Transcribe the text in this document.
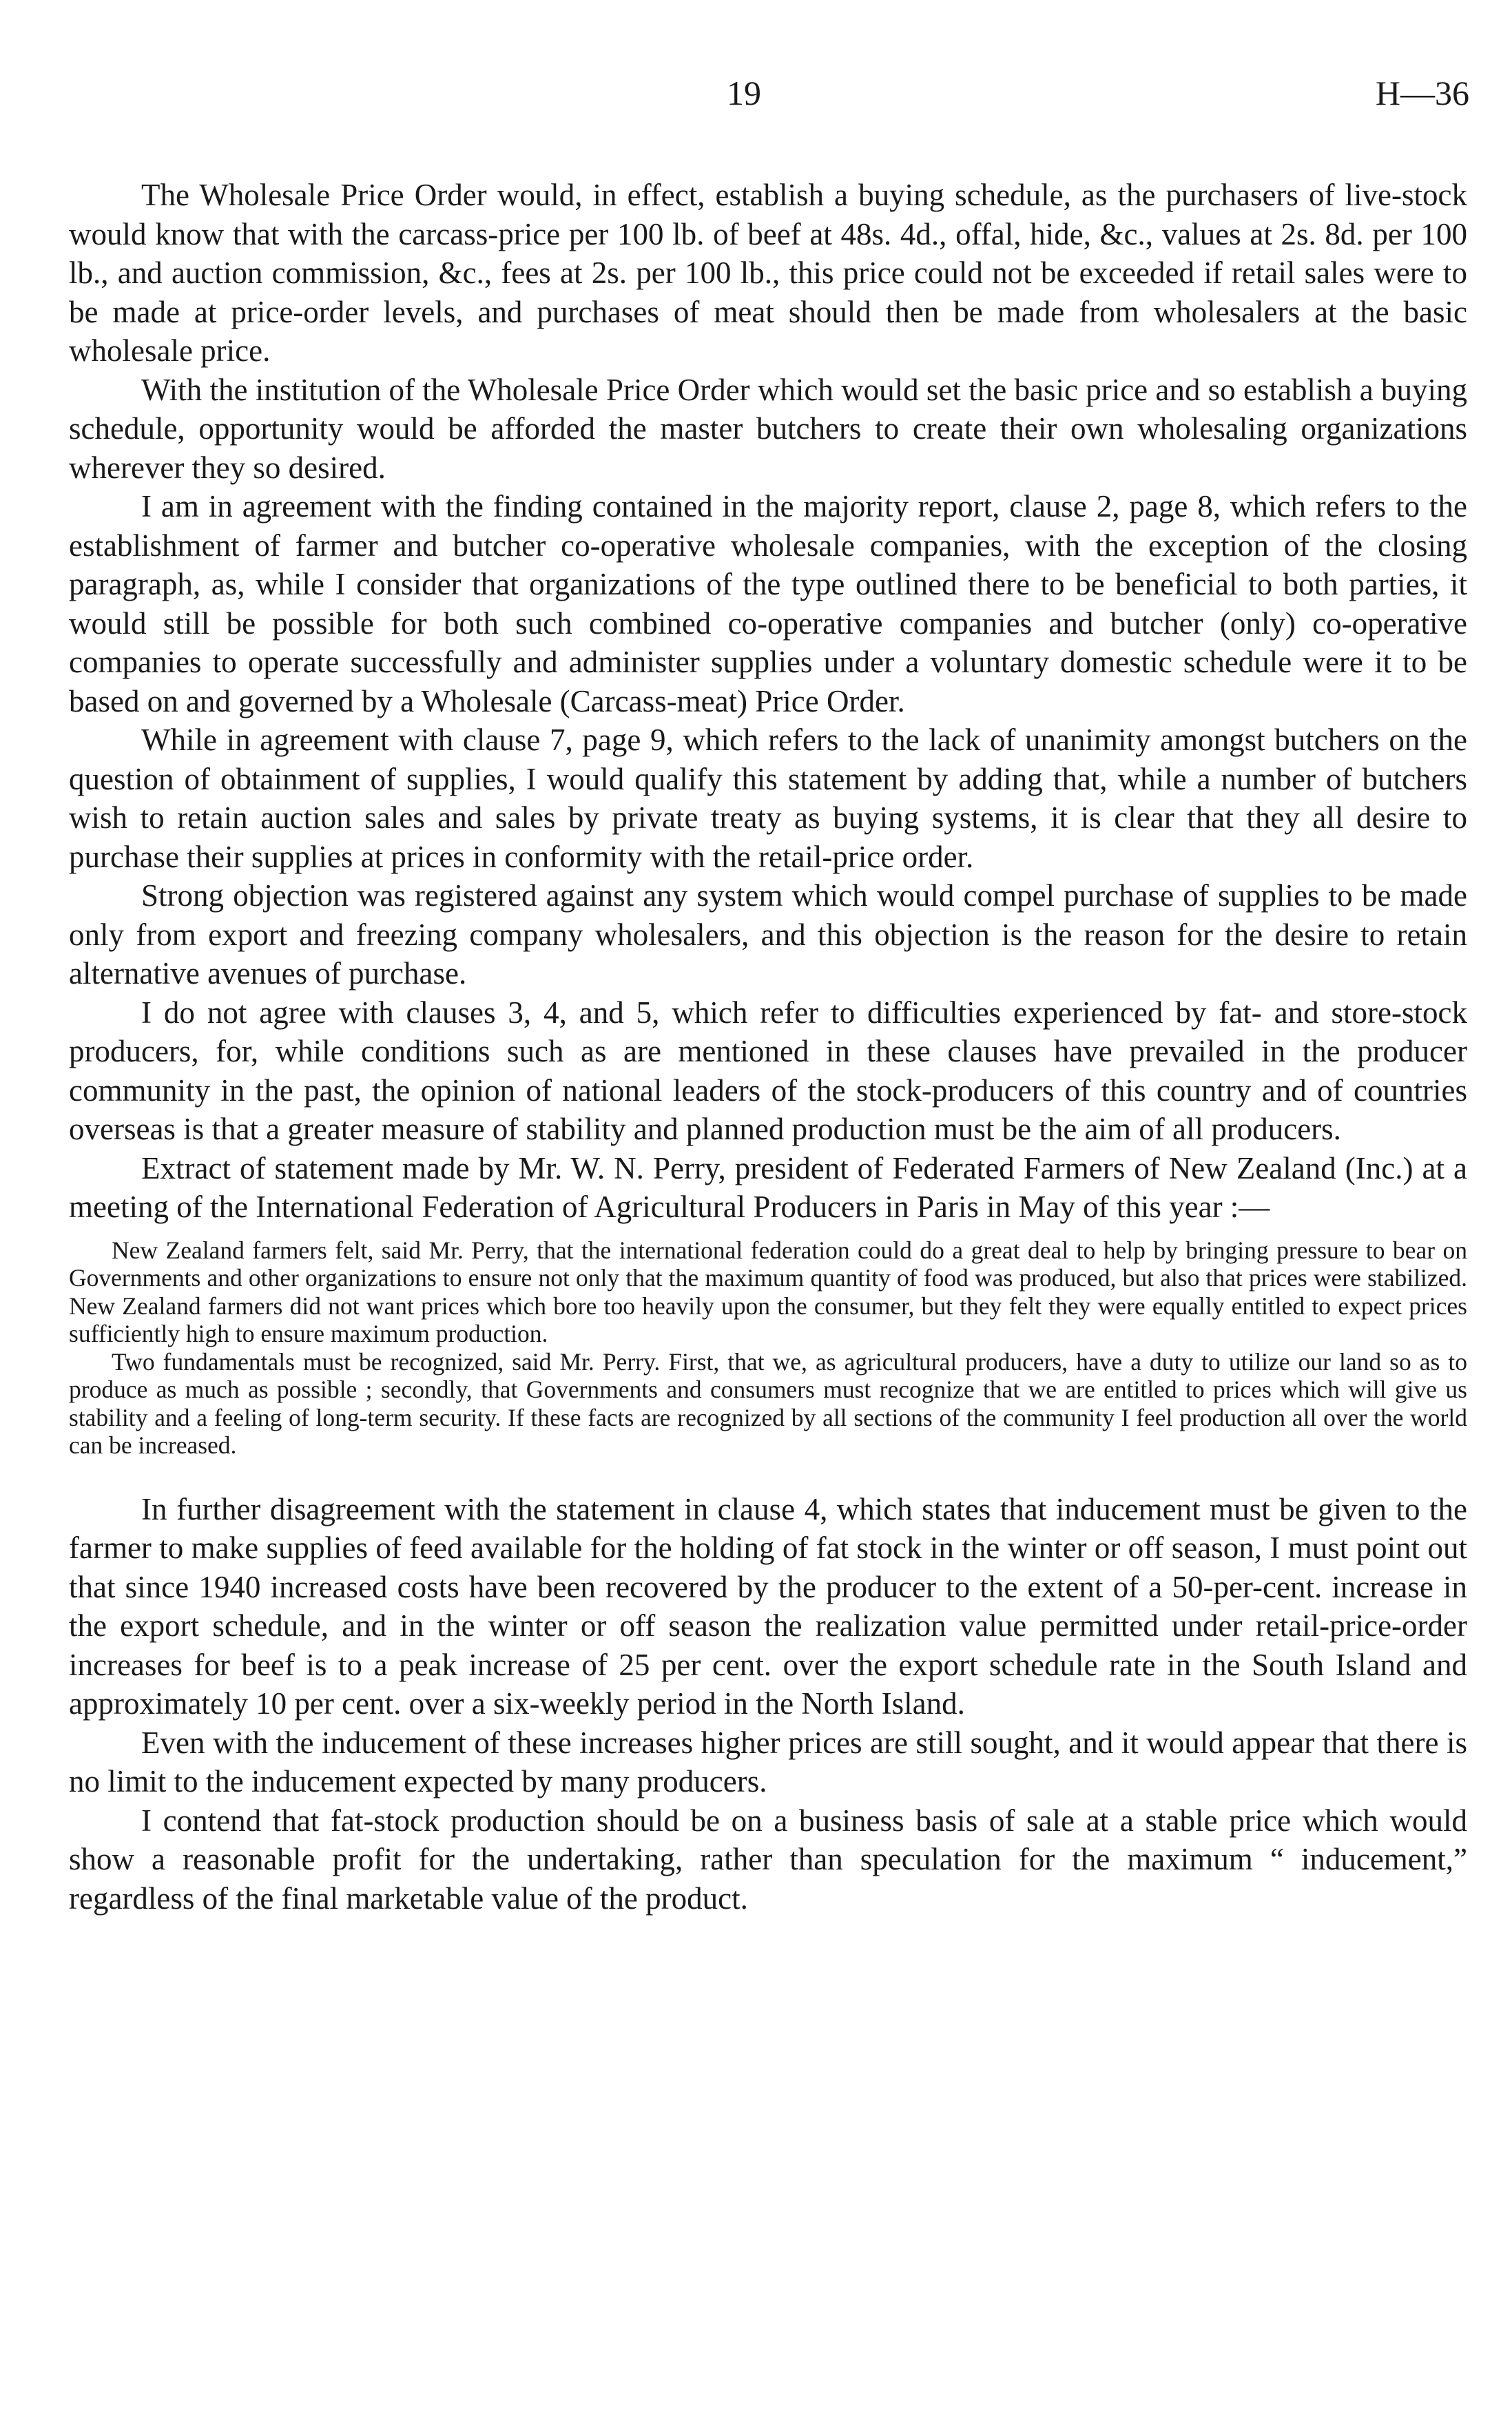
19	H—36

The Wholesale Price Order would, in effect, establish a buying schedule, as the purchasers of live-stock would know that with the carcass-price per 100 lb. of beef at 48s. 4d., offal, hide, &c., values at 2s. 8d. per 100 lb., and auction commission, &c., fees at 2s. per 100 lb., this price could not be exceeded if retail sales were to be made at price-order levels, and purchases of meat should then be made from wholesalers at the basic wholesale price.

With the institution of the Wholesale Price Order which would set the basic price and so establish a buying schedule, opportunity would be afforded the master butchers to create their own wholesaling organizations wherever they so desired.

I am in agreement with the finding contained in the majority report, clause 2, page 8, which refers to the establishment of farmer and butcher co-operative wholesale companies, with the exception of the closing paragraph, as, while I consider that organizations of the type outlined there to be beneficial to both parties, it would still be possible for both such combined co-operative companies and butcher (only) co-operative companies to operate successfully and administer supplies under a voluntary domestic schedule were it to be based on and governed by a Wholesale (Carcass-meat) Price Order.

While in agreement with clause 7, page 9, which refers to the lack of unanimity amongst butchers on the question of obtainment of supplies, I would qualify this statement by adding that, while a number of butchers wish to retain auction sales and sales by private treaty as buying systems, it is clear that they all desire to purchase their supplies at prices in conformity with the retail-price order.

Strong objection was registered against any system which would compel purchase of supplies to be made only from export and freezing company wholesalers, and this objection is the reason for the desire to retain alternative avenues of purchase.

I do not agree with clauses 3, 4, and 5, which refer to difficulties experienced by fat- and store-stock producers, for, while conditions such as are mentioned in these clauses have prevailed in the producer community in the past, the opinion of national leaders of the stock-producers of this country and of countries overseas is that a greater measure of stability and planned production must be the aim of all producers.

Extract of statement made by Mr. W. N. Perry, president of Federated Farmers of New Zealand (Inc.) at a meeting of the International Federation of Agricultural Producers in Paris in May of this year :—

New Zealand farmers felt, said Mr. Perry, that the international federation could do a great deal to help by bringing pressure to bear on Governments and other organizations to ensure not only that the maximum quantity of food was produced, but also that prices were stabilized. New Zealand farmers did not want prices which bore too heavily upon the consumer, but they felt they were equally entitled to expect prices sufficiently high to ensure maximum production.

Two fundamentals must be recognized, said Mr. Perry. First, that we, as agricultural producers, have a duty to utilize our land so as to produce as much as possible ; secondly, that Governments and consumers must recognize that we are entitled to prices which will give us stability and a feeling of long-term security. If these facts are recognized by all sections of the community I feel production all over the world can be increased.

In further disagreement with the statement in clause 4, which states that inducement must be given to the farmer to make supplies of feed available for the holding of fat stock in the winter or off season, I must point out that since 1940 increased costs have been recovered by the producer to the extent of a 50-per-cent. increase in the export schedule, and in the winter or off season the realization value permitted under retail-price-order increases for beef is to a peak increase of 25 per cent. over the export schedule rate in the South Island and approximately 10 per cent. over a six-weekly period in the North Island.

Even with the inducement of these increases higher prices are still sought, and it would appear that there is no limit to the inducement expected by many producers.

I contend that fat-stock production should be on a business basis of sale at a stable price which would show a reasonable profit for the undertaking, rather than speculation for the maximum “ inducement,” regardless of the final marketable value of the product.
